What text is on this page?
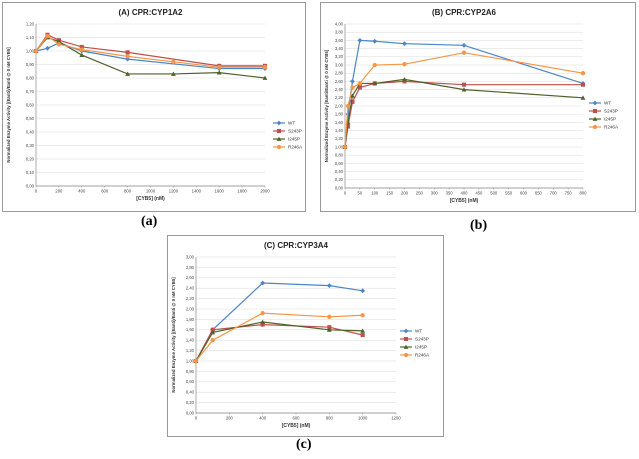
(A) CPR:CYP1A2
0,00
0,10
0,20
0,30
0,40
0,50
0,60
0,70
0,80
0,90
1,00
1,10
1,20
0	200	400	600	800	1000	1200	1400	1600	1800	2000
[CYB5] (nM)
Normalized Enzyme Activity [(Eanti)/Eanti @ 0 nM CYB5]	WT
S243P
I245P
R246A
(B) CPR:CYP2A6
0,00
0,20
0,40
0,60
0,80
1,00
1,20
1,40
1,60
1,80
2,00
2,20
2,40
2,60
2,80
3,00
3,20
3,40
3,60
3,80
4,00
0	50 100 150 200 250 300 350 400 450 500 550 600 650 700 750 800
[CYB5] (nM)
Normalized Enzyme Activity [Eanti/Eanti @ 0 nM CYB5]	WT
S243P
I245P
R246A
(C) CPR:CYP3A4
0,00
0,20
0,40
0,60
0,80
1,00
1,20
1,40
1,60
1,80
2,00
2,20
2,40
2,60
2,80
3,00
0	200	400	600	800	1000	1200
[CYB5] (nM)
Normalized Enzyme Activity [(Eanti)/Eanti @ 0 nM CYB5]	WT
S243P
I245P
R246A
(a)	(b)
(c)
